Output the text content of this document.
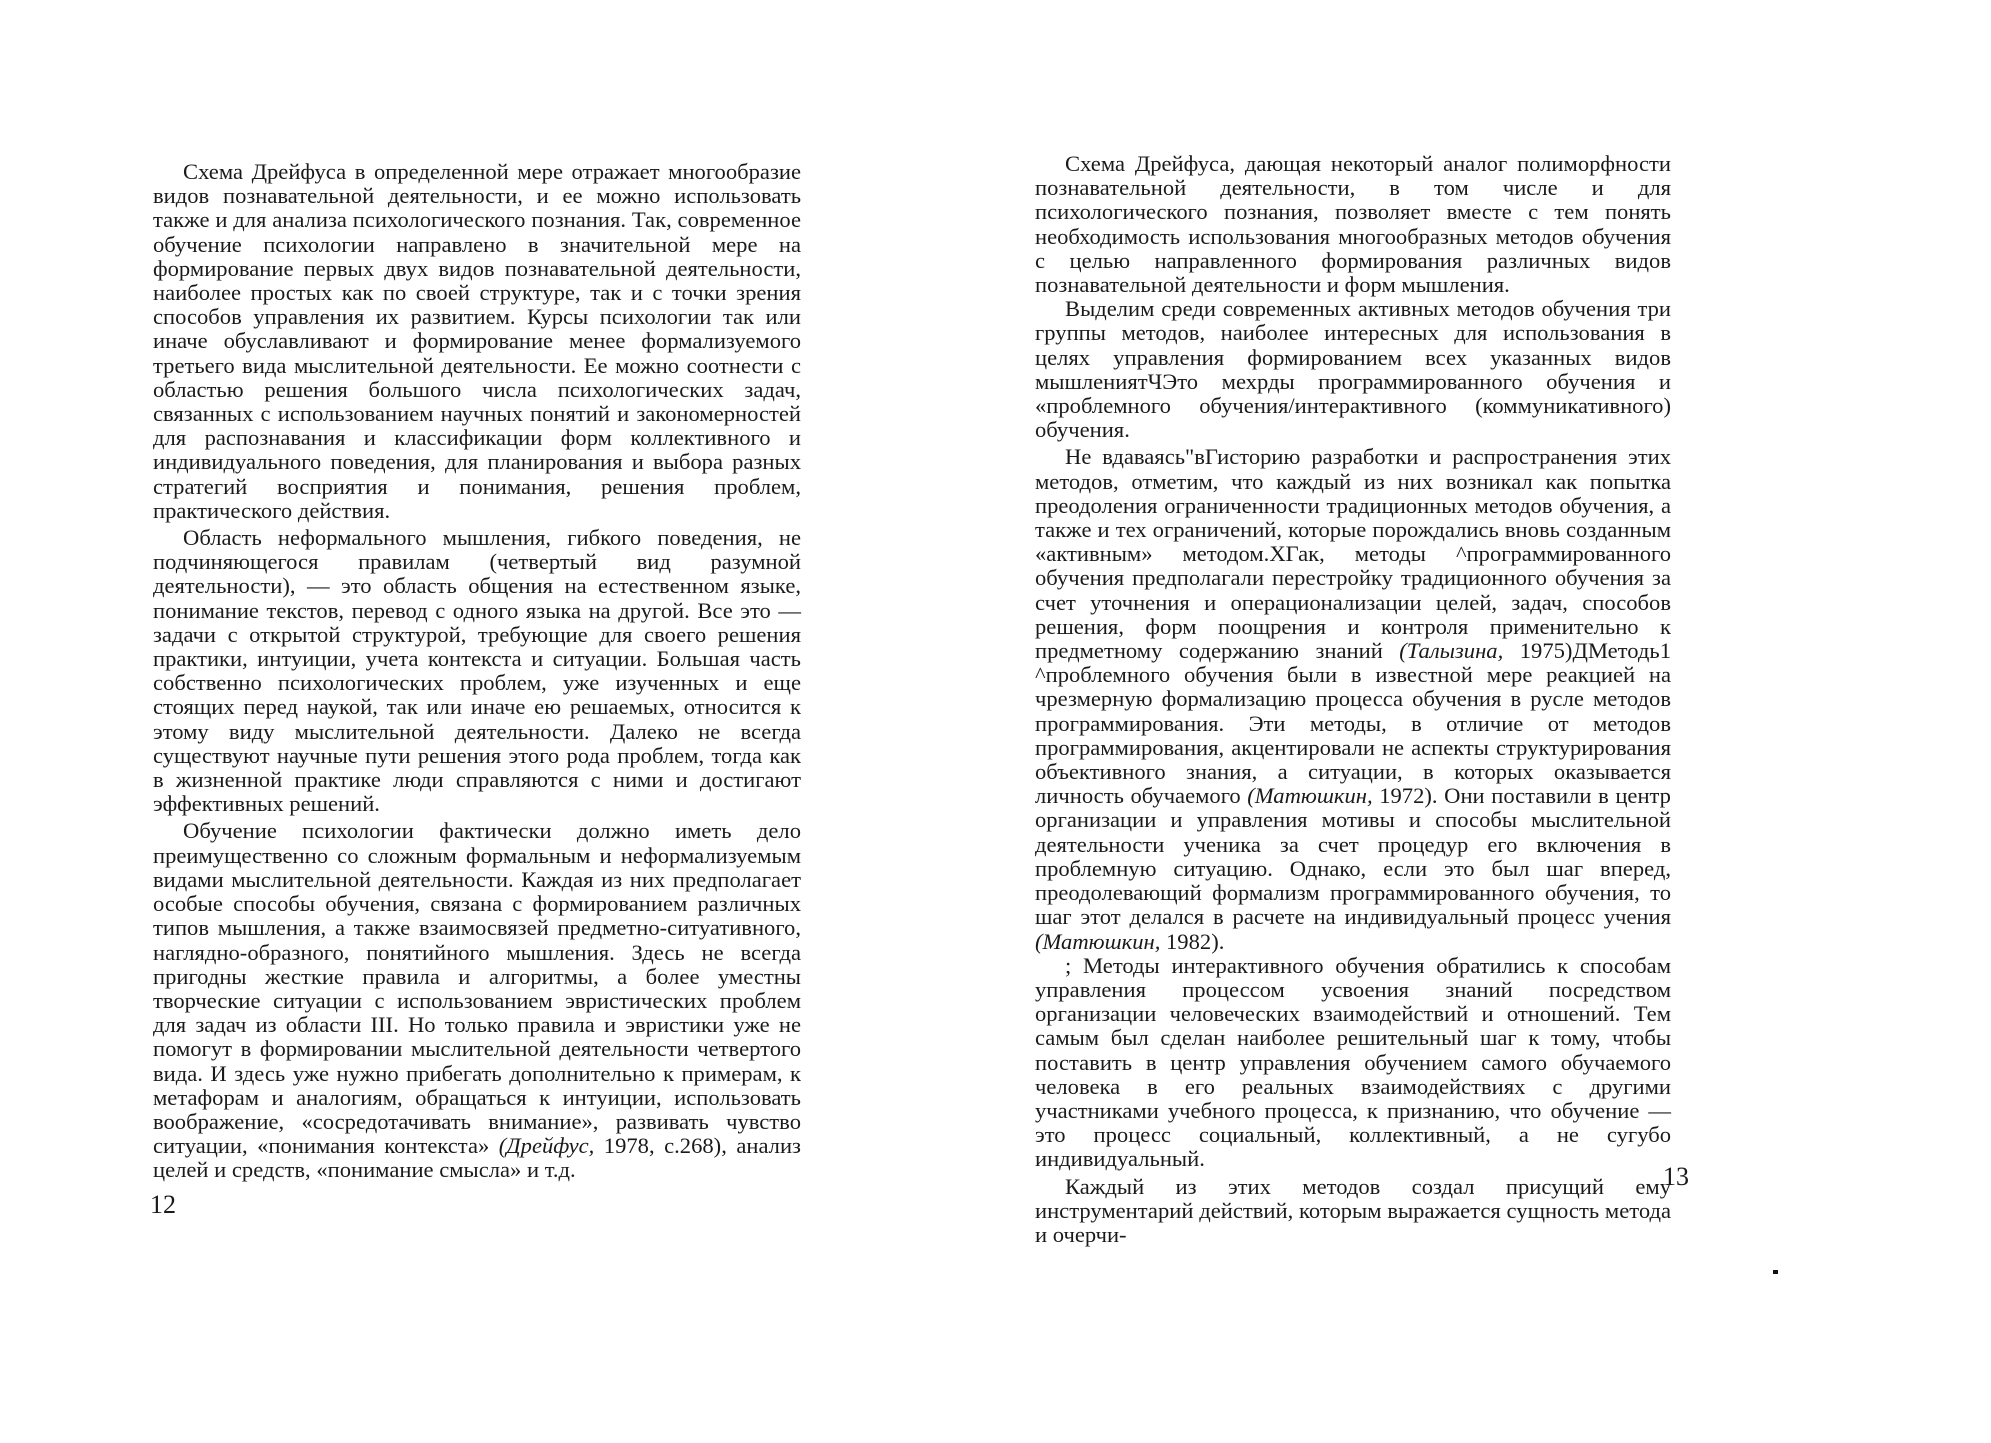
Схема Дрейфуса в определенной мере отражает многообразие видов познавательной деятельности, и ее можно использовать также и для анализа психологического познания. Так, современное обучение психологии направлено в значительной мере на формирование первых двух видов познавательной деятельности, наиболее простых как по своей структуре, так и с точки зрения способов управления их развитием. Курсы психологии так или иначе обуславливают и формирование менее формализуемого третьего вида мыслительной деятельности. Ее можно соотнести с областью решения большого числа психологических задач, связанных с использованием научных понятий и закономерностей для распознавания и классификации форм коллективного и индивидуального поведения, для планирования и выбора разных стратегий восприятия и понимания, решения проблем, практического действия.

Область неформального мышления, гибкого поведения, не подчиняющегося правилам (четвертый вид разумной деятельности), — это область общения на естественном языке, понимание текстов, перевод с одного языка на другой. Все это — задачи с открытой структурой, требующие для своего решения практики, интуиции, учета контекста и ситуации. Большая часть собственно психологических проблем, уже изученных и еще стоящих перед наукой, так или иначе ею решаемых, относится к этому виду мыслительной деятельности. Далеко не всегда существуют научные пути решения этого рода проблем, тогда как в жизненной практике люди справляются с ними и достигают эффективных решений.

Обучение психологии фактически должно иметь дело преимущественно со сложным формальным и неформализуемым видами мыслительной деятельности. Каждая из них предполагает особые способы обучения, связана с формированием различных типов мышления, а также взаимосвязей предметно-ситуативного, наглядно-образного, понятийного мышления. Здесь не всегда пригодны жесткие правила и алгоритмы, а более уместны творческие ситуации с использованием эвристических проблем для задач из области III. Но только правила и эвристики уже не помогут в формировании мыслительной деятельности четвертого вида. И здесь уже нужно прибегать дополнительно к примерам, к метафорам и аналогиям, обращаться к интуиции, использовать воображение, «сосредотачивать внимание», развивать чувство ситуации, «понимания контекста» (Дрейфус, 1978, с.268), анализ целей и средств, «понимание смысла» и т.д.

12

Схема Дрейфуса, дающая некоторый аналог полиморфности познавательной деятельности, в том числе и для психологического познания, позволяет вместе с тем понять необходимость использования многообразных методов обучения с целью направленного формирования различных видов познавательной деятельности и форм мышления.

Выделим среди современных активных методов обучения три группы методов, наиболее интересных для использования в целях управления формированием всех указанных видов мышлениятЧЭто мехрды программированного обучения и «проблемного обучения/интерактивного (коммуникативного) обучения.

Не вдаваясь"вГисторию разработки и распространения этих методов, отметим, что каждый из них возникал как попытка преодоления ограниченности традиционных методов обучения, а также и тех ограничений, которые порождались вновь созданным «активным» методом.ХГак, методы ^программированного обучения предполагали перестройку традиционного обучения за счет уточнения и операционализации целей, задач, способов решения, форм поощрения и контроля применительно к предметному содержанию знаний (Талызина, 1975)ДМетодь1 ^проблемного обучения были в известной мере реакцией на чрезмерную формализацию процесса обучения в русле методов программирования. Эти методы, в отличие от методов программирования, акцентировали не аспекты структурирования объективного знания, а ситуации, в которых оказывается личность обучаемого (Матюшкин, 1972). Они поставили в центр организации и управления мотивы и способы мыслительной деятельности ученика за счет процедур его включения в проблемную ситуацию. Однако, если это был шаг вперед, преодолевающий формализм программированного обучения, то шаг этот делался в расчете на индивидуальный процесс учения (Матюшкин, 1982).

; Методы интерактивного обучения обратились к способам управления процессом усвоения знаний посредством организации человеческих взаимодействий и отношений. Тем самым был сделан наиболее решительный шаг к тому, чтобы поставить в центр управления обучением самого обучаемого человека в его реальных взаимодействиях с другими участниками учебного процесса, к признанию, что обучение — это процесс социальный, коллективный, а не сугубо индивидуальный.

Каждый из этих методов создал присущий ему инструментарий действий, которым выражается сущность метода и очерчи-

13
